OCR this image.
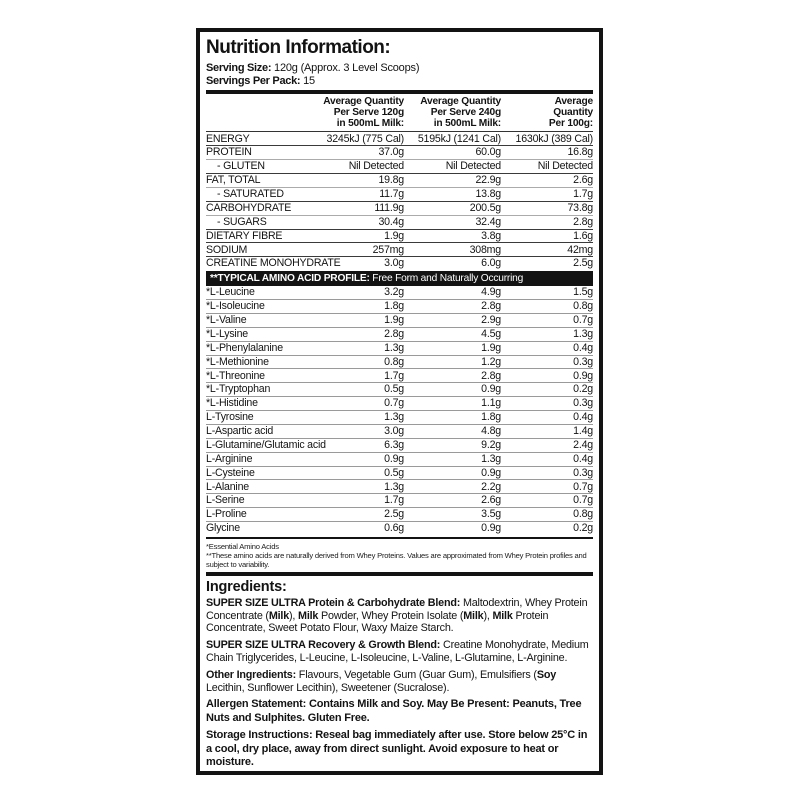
Nutrition Information:
Serving Size: 120g (Approx. 3 Level Scoops)
Servings Per Pack: 15
Average Quantity
Per Serve 120g
in 500mL Milk:
Average Quantity
Per Serve 240g
in 500mL Milk:
Average
Quantity
Per 100g:
ENERGY	3245kJ (775 Cal)	5195kJ (1241 Cal)	1630kJ (389 Cal)
PROTEIN	37.0g	60.0g	16.8g
- GLUTEN	Nil Detected	Nil Detected	Nil Detected
FAT, TOTAL	19.8g	22.9g	2.6g
- SATURATED	11.7g	13.8g	1.7g
CARBOHYDRATE	111.9g	200.5g	73.8g
- SUGARS	30.4g	32.4g	2.8g
DIETARY FIBRE	1.9g	3.8g	1.6g
SODIUM	257mg	308mg	42mg
CREATINE MONOHYDRATE	3.0g	6.0g	2.5g
**TYPICAL AMINO ACID PROFILE: Free Form and Naturally Occurring
*L-Leucine	3.2g	4.9g	1.5g
*L-Isoleucine	1.8g	2.8g	0.8g
*L-Valine	1.9g	2.9g	0.7g
*L-Lysine	2.8g	4.5g	1.3g
*L-Phenylalanine	1.3g	1.9g	0.4g
*L-Methionine	0.8g	1.2g	0.3g
*L-Threonine	1.7g	2.8g	0.9g
*L-Tryptophan	0.5g	0.9g	0.2g
*L-Histidine	0.7g	1.1g	0.3g
L-Tyrosine	1.3g	1.8g	0.4g
L-Aspartic acid	3.0g	4.8g	1.4g
L-Glutamine/Glutamic acid	6.3g	9.2g	2.4g
L-Arginine	0.9g	1.3g	0.4g
L-Cysteine	0.5g	0.9g	0.3g
L-Alanine	1.3g	2.2g	0.7g
L-Serine	1.7g	2.6g	0.7g
L-Proline	2.5g	3.5g	0.8g
Glycine	0.6g	0.9g	0.2g
*Essential Amino Acids
**These amino acids are naturally derived from Whey Proteins. Values are approximated from Whey Protein profiles and subject to variability.
Ingredients:
SUPER SIZE ULTRA Protein & Carbohydrate Blend: Maltodextrin, Whey Protein Concentrate (Milk), Milk Powder, Whey Protein Isolate (Milk), Milk Protein Concentrate, Sweet Potato Flour, Waxy Maize Starch.
SUPER SIZE ULTRA Recovery & Growth Blend: Creatine Monohydrate, Medium Chain Triglycerides, L-Leucine, L-Isoleucine, L-Valine, L-Glutamine, L-Arginine.
Other Ingredients: Flavours, Vegetable Gum (Guar Gum), Emulsifiers (Soy Lecithin, Sunflower Lecithin), Sweetener (Sucralose).
Allergen Statement: Contains Milk and Soy. May Be Present: Peanuts, Tree Nuts and Sulphites. Gluten Free.
Storage Instructions: Reseal bag immediately after use. Store below 25°C in a cool, dry place, away from direct sunlight. Avoid exposure to heat or moisture.
